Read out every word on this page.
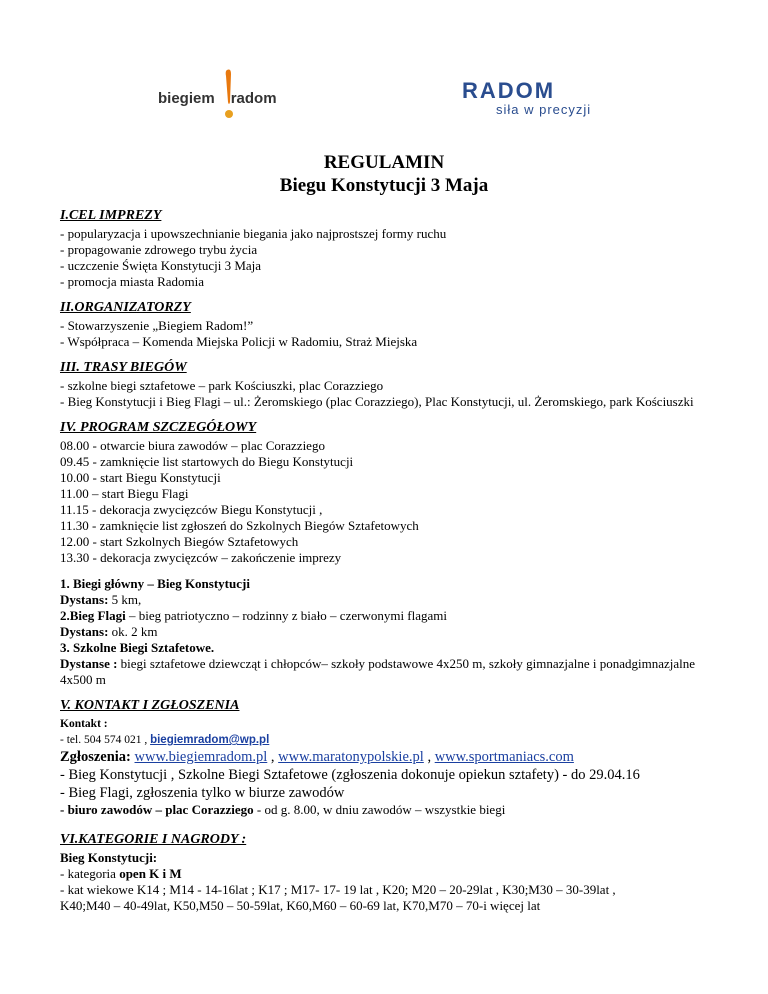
biegiem radom	RADOM
siła w precyzji
REGULAMIN
Biegu Konstytucji 3 Maja
I.CEL IMPREZY
- popularyzacja i upowszechnianie biegania jako najprostszej formy ruchu
- propagowanie zdrowego trybu życia
- uczczenie Święta Konstytucji 3 Maja
- promocja miasta Radomia
II.ORGANIZATORZY
- Stowarzyszenie „Biegiem Radom!”
- Współpraca – Komenda Miejska Policji w Radomiu, Straż Miejska
III. TRASY BIEGÓW
- szkolne biegi sztafetowe – park Kościuszki, plac Corazziego
- Bieg Konstytucji i Bieg Flagi – ul.: Żeromskiego (plac Corazziego), Plac Konstytucji, ul. Żeromskiego, park Kościuszki
IV. PROGRAM SZCZEGÓŁOWY
08.00 - otwarcie biura zawodów – plac Corazziego
09.45 - zamknięcie list startowych do Biegu Konstytucji
10.00 - start Biegu Konstytucji
11.00 – start Biegu Flagi
11.15 - dekoracja zwycięzców Biegu Konstytucji ,
11.30 - zamknięcie list zgłoszeń do Szkolnych Biegów Sztafetowych
12.00 - start Szkolnych Biegów Sztafetowych
13.30 - dekoracja zwycięzców – zakończenie imprezy
1. Biegi główny – Bieg Konstytucji
Dystans: 5 km,
2.Bieg Flagi – bieg patriotyczno – rodzinny z biało – czerwonymi flagami
Dystans: ok. 2 km
3. Szkolne Biegi Sztafetowe.
Dystanse : biegi sztafetowe dziewcząt i chłopców– szkoły podstawowe 4x250 m, szkoły gimnazjalne i ponadgimnazjalne 4x500 m
V. KONTAKT I ZGŁOSZENIA
Kontakt :
- tel. 504 574 021 , biegiemradom@wp.pl
Zgłoszenia: www.biegiemradom.pl , www.maratonypolskie.pl , www.sportmaniacs.com
- Bieg Konstytucji , Szkolne Biegi Sztafetowe (zgłoszenia dokonuje opiekun sztafety) - do 29.04.16
- Bieg Flagi, zgłoszenia tylko w biurze zawodów
- biuro zawodów – plac Corazziego - od g. 8.00, w dniu zawodów – wszystkie biegi
VI.KATEGORIE I NAGRODY :
Bieg Konstytucji:
- kategoria open K i M
- kat wiekowe K14 ; M14 - 14-16lat ; K17 ; M17- 17- 19 lat , K20; M20 – 20-29lat , K30;M30 – 30-39lat ,
K40;M40 – 40-49lat, K50,M50 – 50-59lat, K60,M60 – 60-69 lat, K70,M70 – 70-i więcej lat
